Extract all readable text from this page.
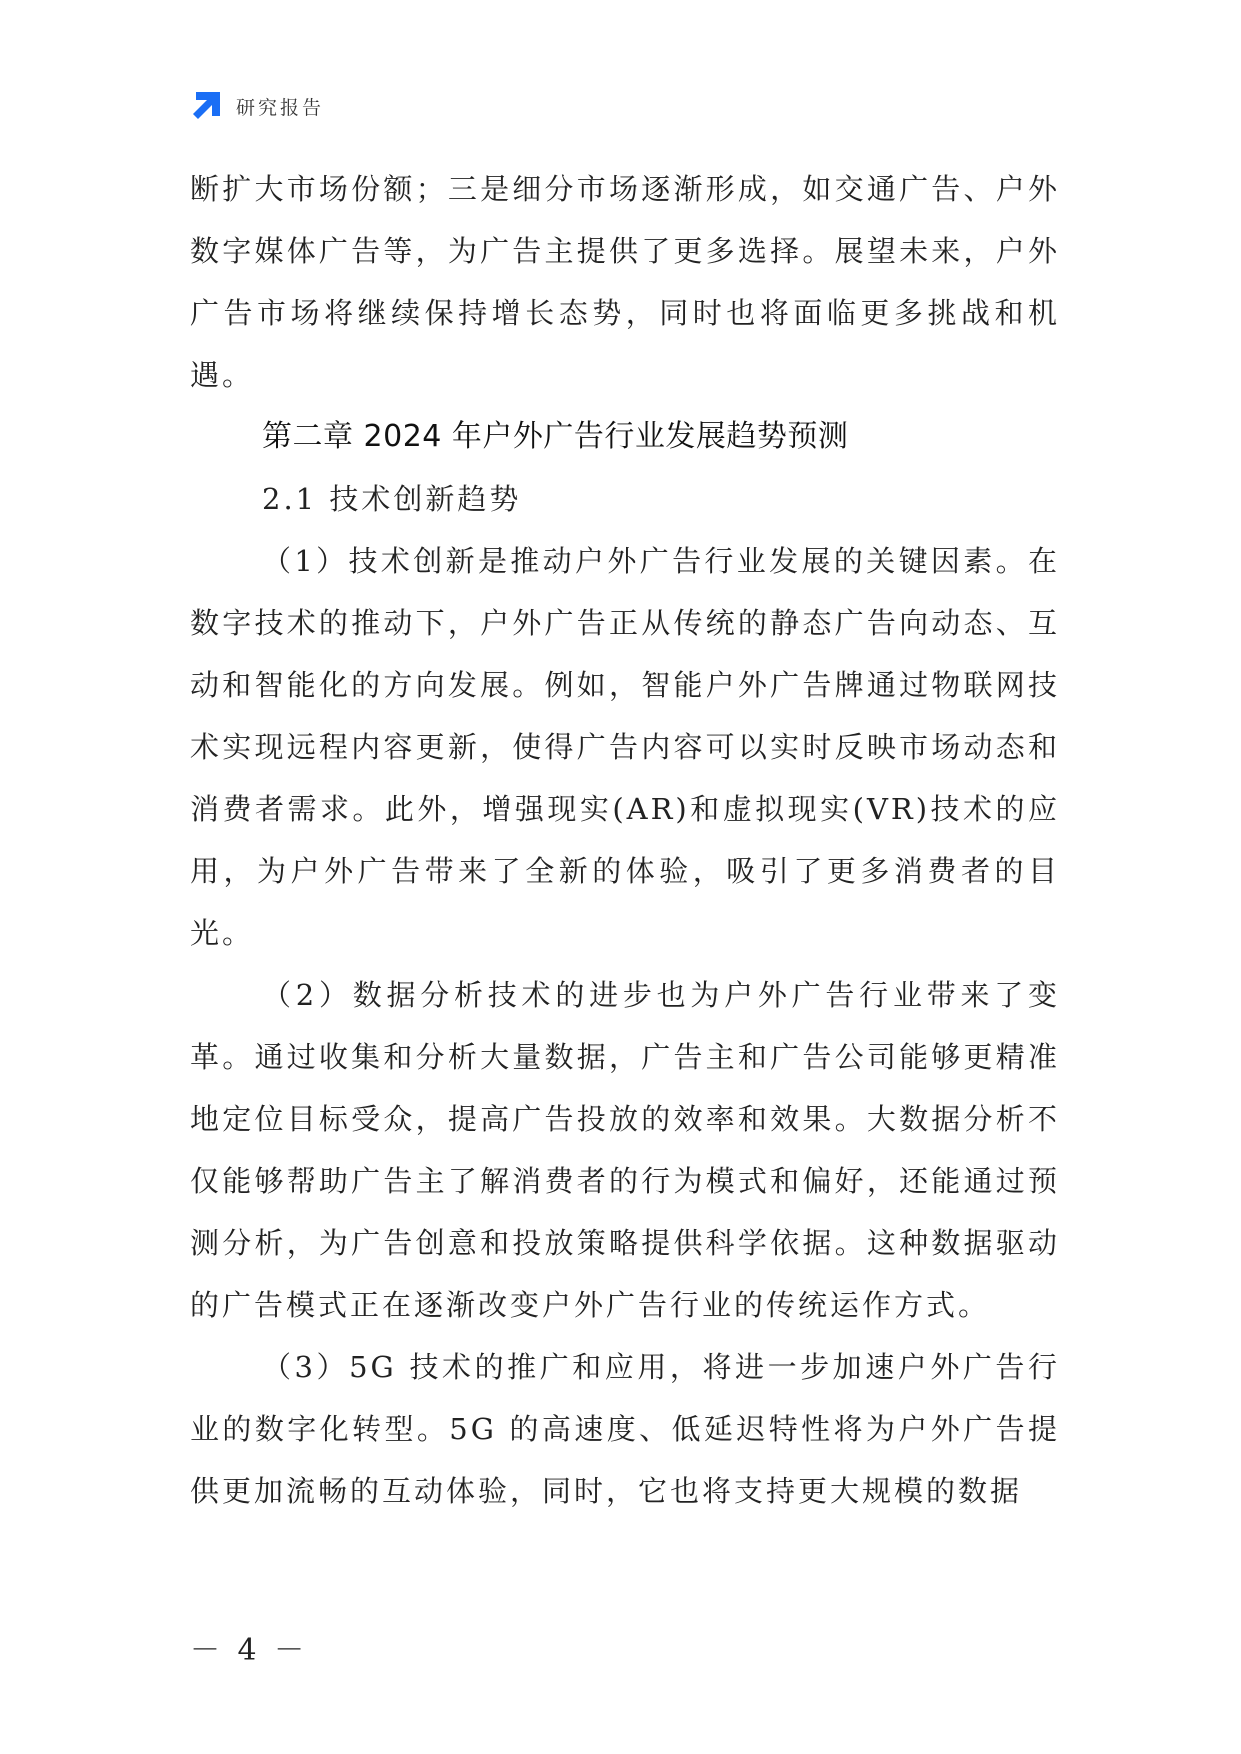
研究报告

断扩大市场份额；三是细分市场逐渐形成，如交通广告、户外数字媒体广告等，为广告主提供了更多选择。展望未来，户外广告市场将继续保持增长态势，同时也将面临更多挑战和机遇。

第二章 2024 年户外广告行业发展趋势预测

2.1 技术创新趋势

（1）技术创新是推动户外广告行业发展的关键因素。在数字技术的推动下，户外广告正从传统的静态广告向动态、互动和智能化的方向发展。例如，智能户外广告牌通过物联网技术实现远程内容更新，使得广告内容可以实时反映市场动态和消费者需求。此外，增强现实(AR)和虚拟现实(VR)技术的应用，为户外广告带来了全新的体验，吸引了更多消费者的目光。

（2）数据分析技术的进步也为户外广告行业带来了变革。通过收集和分析大量数据，广告主和广告公司能够更精准地定位目标受众，提高广告投放的效率和效果。大数据分析不仅能够帮助广告主了解消费者的行为模式和偏好，还能通过预测分析，为广告创意和投放策略提供科学依据。这种数据驱动的广告模式正在逐渐改变户外广告行业的传统运作方式。

（3）5G 技术的推广和应用，将进一步加速户外广告行业的数字化转型。5G 的高速度、低延迟特性将为户外广告提供更加流畅的互动体验，同时，它也将支持更大规模的数据

－ 4 －
